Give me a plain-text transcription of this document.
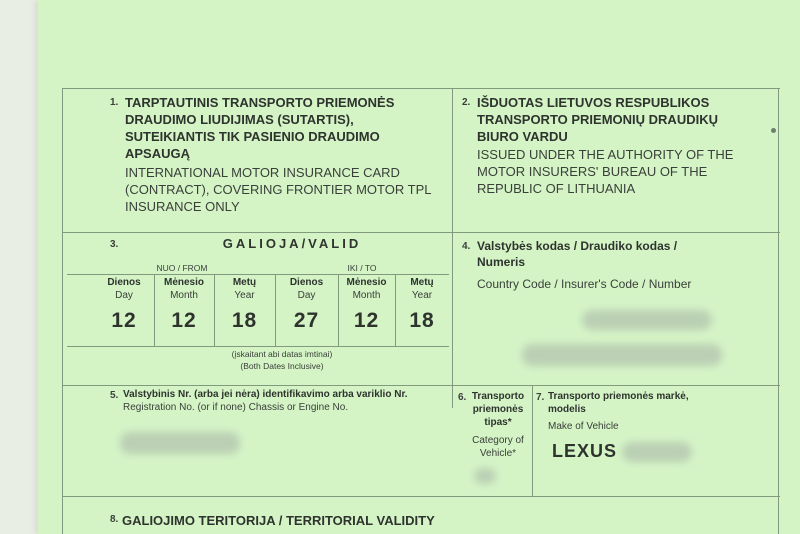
1. TARPTAUTINIS TRANSPORTO PRIEMONĖS
DRAUDIMO LIUDIJIMAS (SUTARTIS),
SUTEIKIANTIS TIK PASIENIO DRAUDIMO
APSAUGĄ
INTERNATIONAL MOTOR INSURANCE CARD
(CONTRACT), COVERING FRONTIER MOTOR TPL
INSURANCE ONLY
2. IŠDUOTAS LIETUVOS RESPUBLIKOS
TRANSPORTO PRIEMONIŲ DRAUDIKŲ
BIURO VARDU
ISSUED UNDER THE AUTHORITY OF THE
MOTOR INSURERS' BUREAU OF THE
REPUBLIC OF LITHUANIA
3.	GALIOJA/VALID
NUO / FROM	IKI / TO
Dienos
Day
12
Mėnesio
Month
12
Metų
Year
18
Dienos
Day
27
Mėnesio
Month
12
Metų
Year
18
(įskaitant abi datas imtinai)
(Both Dates Inclusive)
4. Valstybės kodas / Draudiko kodas /
Numeris
Country Code / Insurer's Code / Number
5. Valstybinis Nr. (arba jei nėra) identifikavimo arba variklio Nr.
Registration No. (or if none) Chassis or Engine No.
6. Transporto
priemonės
tipas*
Category of
Vehicle*
7. Transporto priemonės markė,
modelis
Make of Vehicle
LEXUS
8. GALIOJIMO TERITORIJA / TERRITORIAL VALIDITY
